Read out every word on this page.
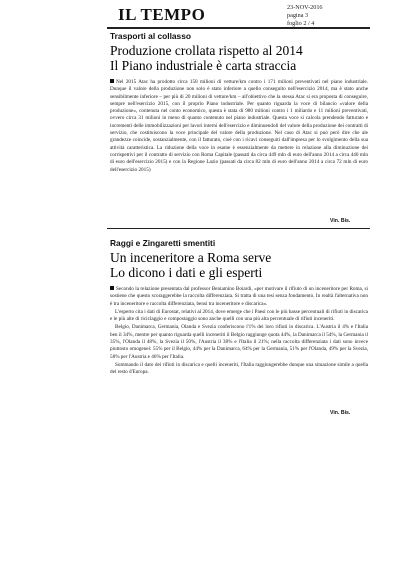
IL TEMPO	23-NOV-2016
pagina 3
foglio 2 / 4
Trasporti al collasso
Produzione crollata rispetto al 2014
Il Piano industriale è carta straccia

Nel 2015 Atac ha prodotto circa 150 milioni di vetture/km contro i 171 milioni preventivati nel piano industriale. Dunque il valore della produzione non solo è stato inferiore a quello conseguito nell'esercizio 2014, ma è stato anche sensibilmente inferiore – per più di 20 milioni di vetture/km – all'obiettivo che la stessa Atac si era proposta di conseguire, sempre nell'esercizio 2015, con il proprio Piano industriale. Per quanto riguarda la voce di bilancio «valore della produzione», contenuta nel conto economico, questa è stata di 980 milioni contro i 1 miliardo e 11 milioni preventivati, ovvero circa 31 milioni in meno di quanto contenuto nel piano industriale. Questa voce si calcola prendendo fatturato e incrementi delle immobilizzazioni per lavori interni dell'esercizio e diminuendoli del valore della produzione dei contratti di servizio, che costituiscono la voce principale del valore della produzione. Nel caso di Atac si può però dire che ale grandezze coincide, sostanzialmente, con il fatturato, cioè con i ricavi conseguiti dall'impresa per lo svolgimento della sua attività caratteristica. La riduzione della voce in esame è essenzialmente da mettere in relazione alla diminuzione dei corrispettivi per il contratto di servizio con Roma Capitale (passati da circa 449 mln di euro dell'anno 2014 a circa 440 mln di euro dell'esercizio 2015) e con la Regione Lazio (passati da circa 82 mln di euro dell'anno 2014 a circa 72 mln di euro dell'esercizio 2015)

Vin. Bis.
Raggi e Zingaretti smentiti
Un inceneritore a Roma serve
Lo dicono i dati e gli esperti

Secondo la relazione presentata dal professor Beniamino Boiardi, «per motivare il rifiuto di un inceneritore per Roma, si sostiene che questo scoraggerebbe la raccolta differenziata. Si tratta di una tesi senza fondamento. In realtà l'alternativa non è tra inceneritore e raccolta differenziata, bensì tra inceneritore e discarica».

L'esperto cita i dati di Eurostat, relativi al 2014, dove emerge che i Paesi con le più basse percentuali di rifiuti in discarica e le più alte di riciclaggio e compostaggio sono anche quelli con una più alta percentuale di rifiuti inceneriti.

Belgio, Danimarca, Germania, Olanda e Svezia conferiscono l'1% dei loro rifiuti in discarica. L'Austria il 4% e l'Italia ben il 34%, mentre per quanto riguarda quelli inceneriti il Belgio raggiunge quota 44%, la Danimarca il 54%, la Germania il 35%, l'Olanda il 48%, la Svezia il 50%, l'Austria il 38% e l'Italia il 21%; nella raccolta differenziata i dati sono invece piuttosto omogenei: 55% per il Belgio, 44% per la Danimarca, 64% per la Germania, 51% per l'Olanda, 49% per la Svezia, 58% per l'Austria e 46% per l'Italia.

Sommando il dato dei rifiuti in discarica e quelli inceneriti, l'Italia raggiungerebbe dunque una situazione simile a quella del resto d'Europa.

Vin. Bis.
